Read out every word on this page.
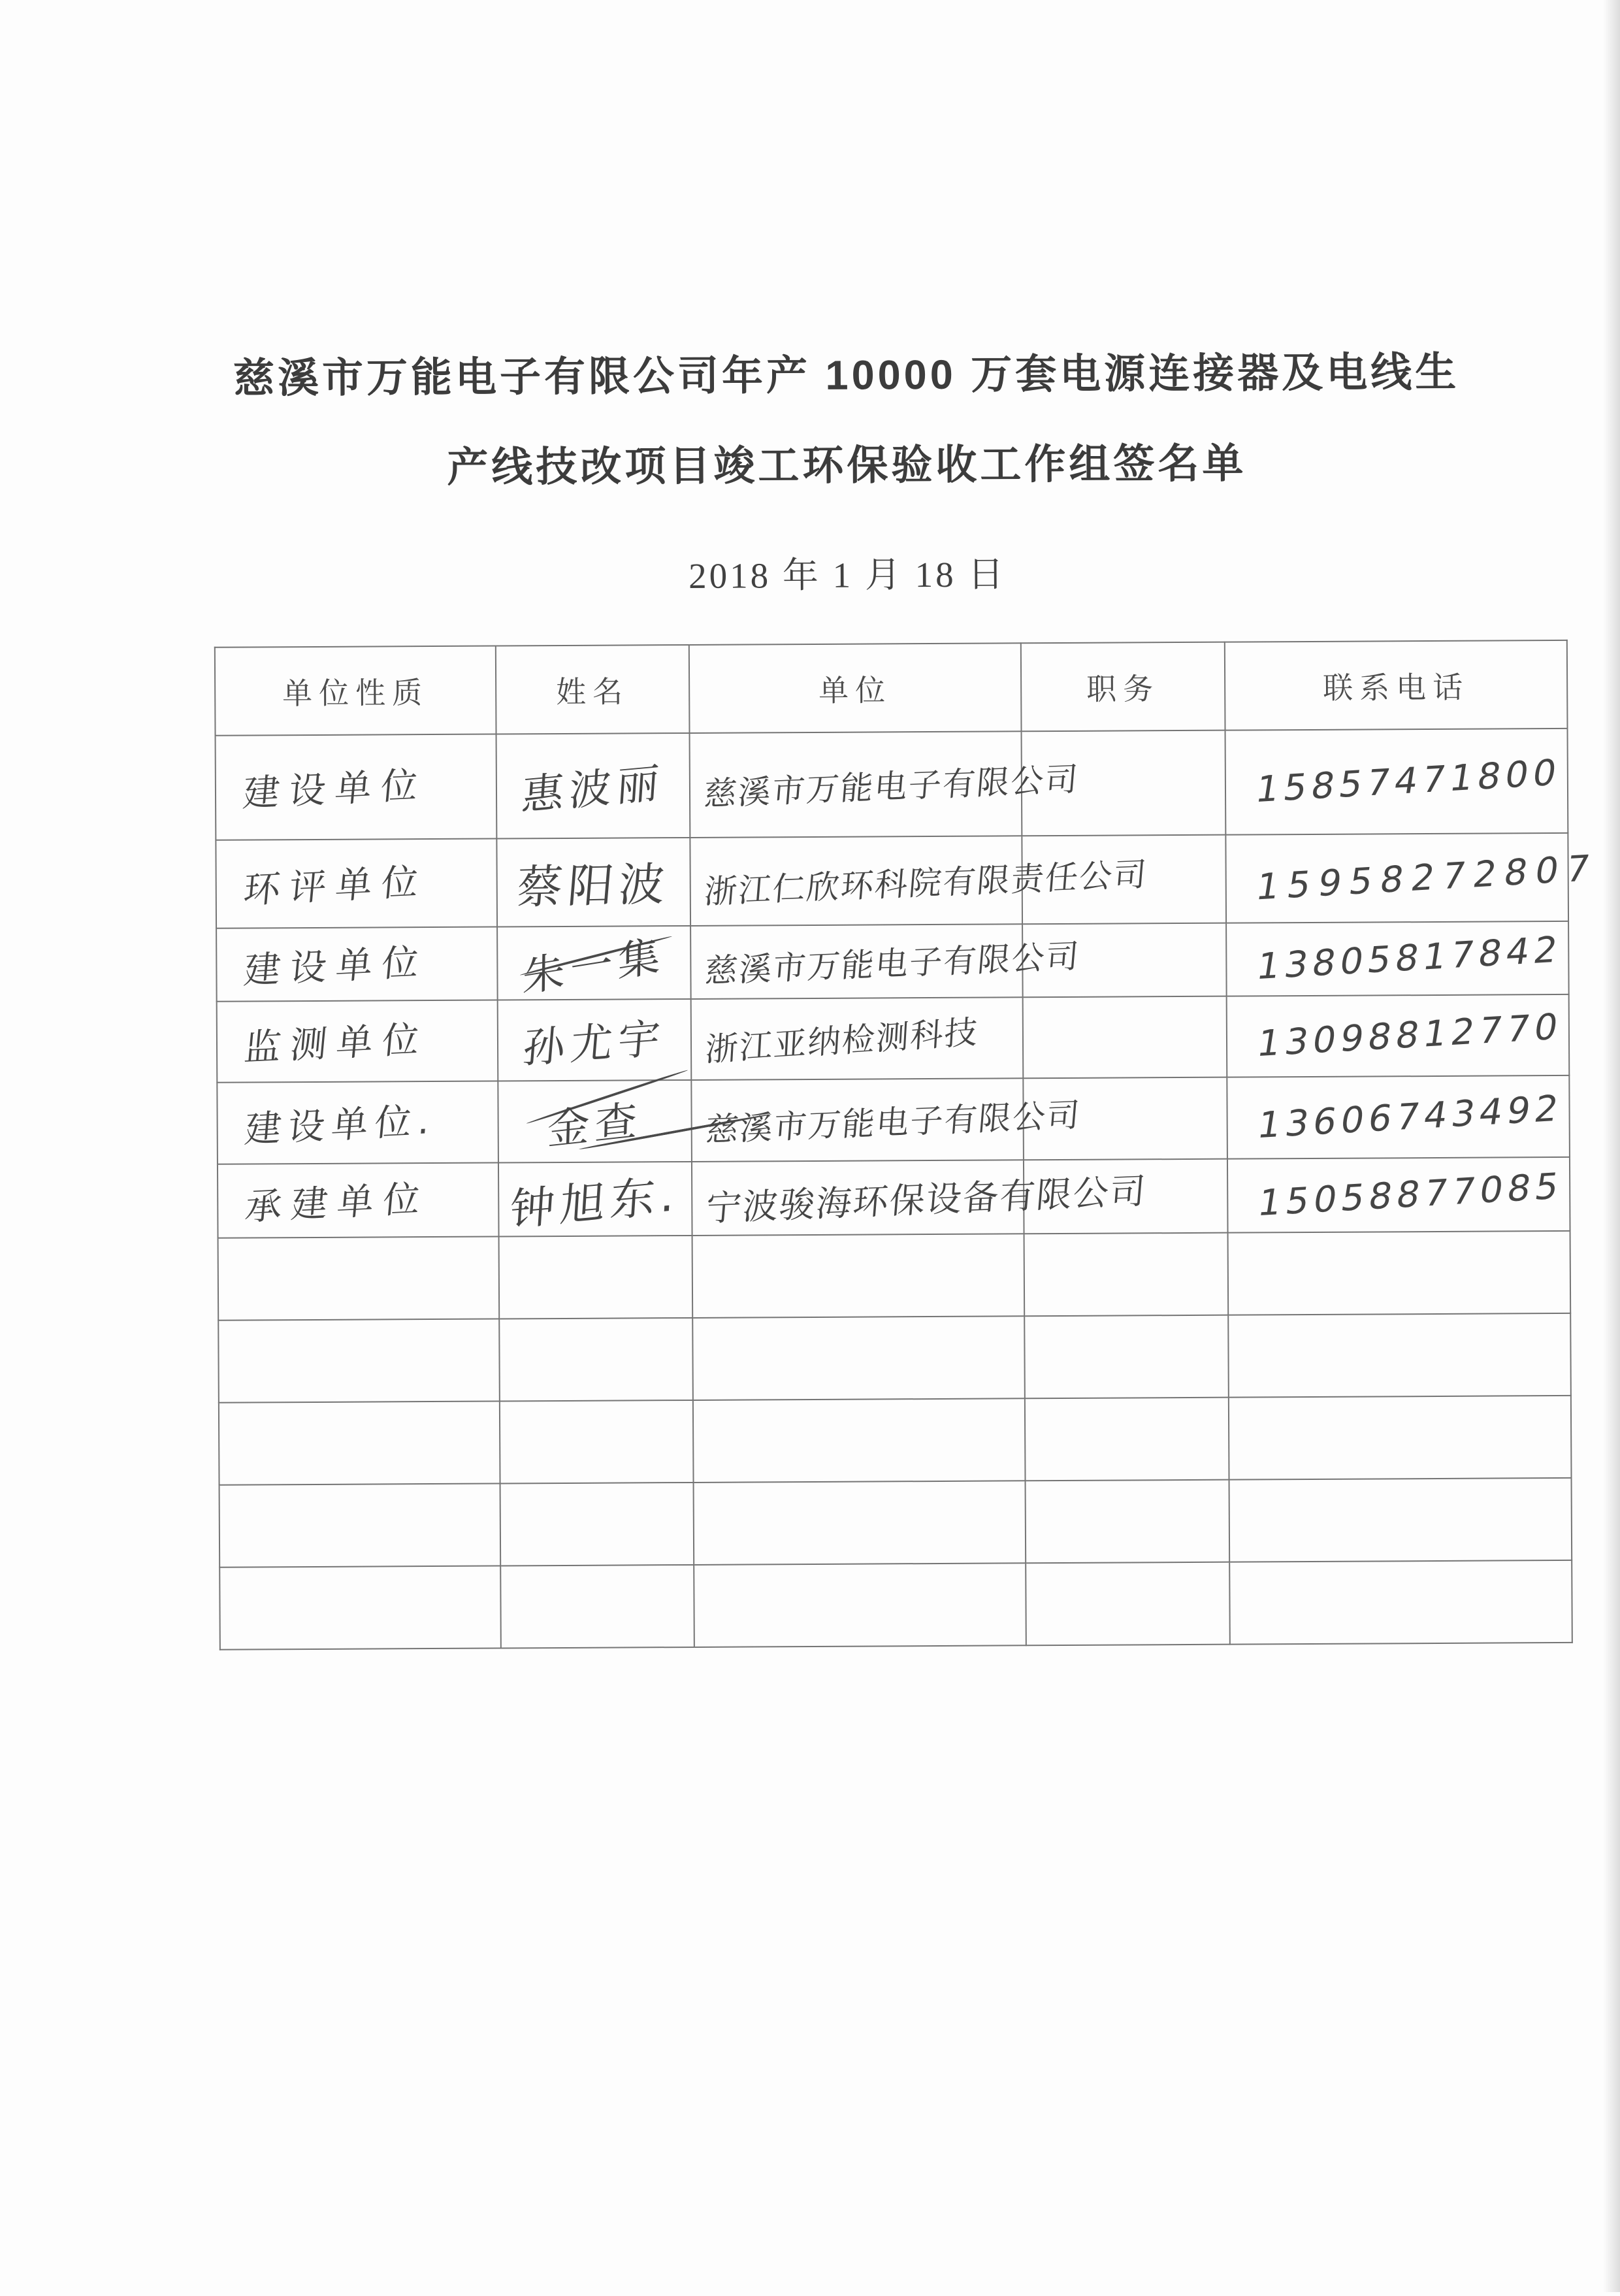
慈溪市万能电子有限公司年产 10000 万套电源连接器及电线生
产线技改项目竣工环保验收工作组签名单
2018 年 1 月 18 日
单位性质	姓名	单位	职务	联系电话
建设单位	惠波丽	慈溪市万能电子有限公司		15857471800
环评单位	蔡阳波	浙江仁欣环科院有限责任公司		15958272807
建设单位	朱一集	慈溪市万能电子有限公司		13805817842
监测单位	孙尤宇	浙江亚纳检测科技		13098812770
建设单位.	金查	慈溪市万能电子有限公司		13606743492
承建单位	钟旭东.	宁波骏海环保设备有限公司		15058877085
